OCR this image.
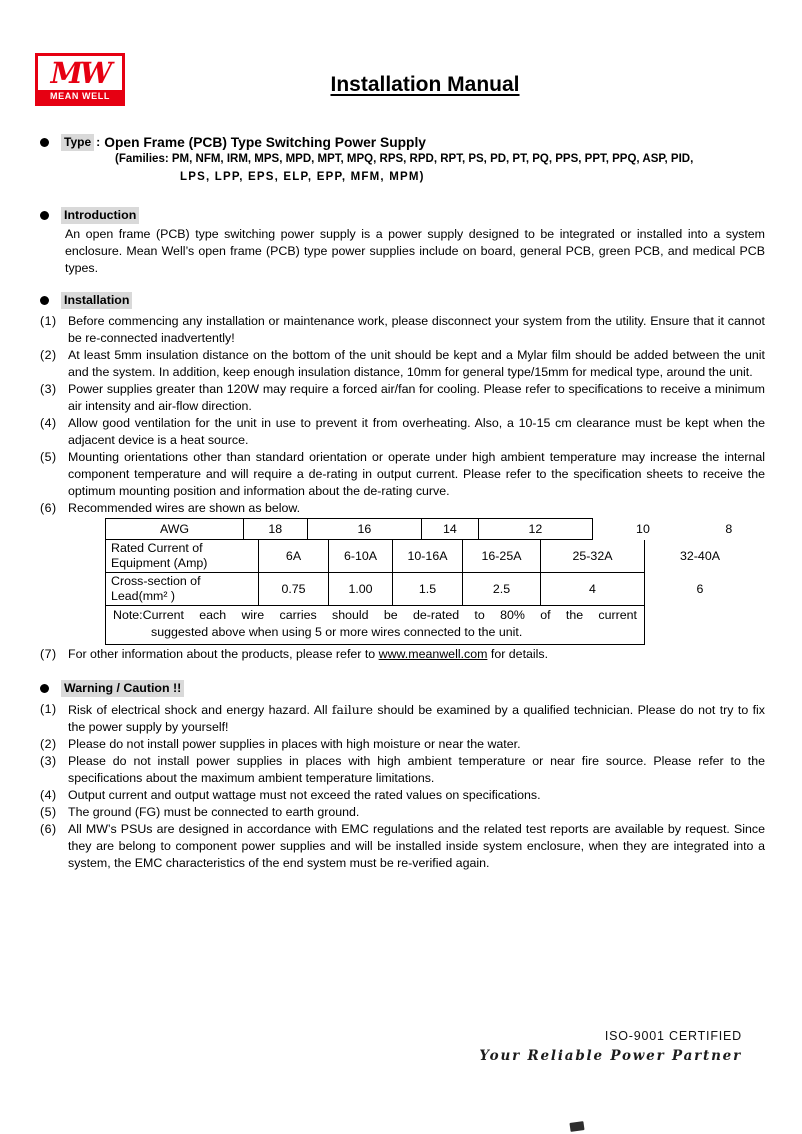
MW
MEAN WELL	Installation Manual
Type : Open Frame (PCB) Type Switching Power Supply
(Families: PM, NFM, IRM, MPS, MPD, MPT, MPQ, RPS, RPD, RPT, PS, PD, PT, PQ, PPS, PPT, PPQ, ASP, PID,
LPS, LPP, EPS, ELP, EPP, MFM, MPM)
Introduction

An open frame (PCB) type switching power supply is a power supply designed to be integrated or installed into a system enclosure. Mean Well’s open frame (PCB) type power supplies include on board, general PCB, green PCB, and medical PCB types.

Installation
(1) Before commencing any installation or maintenance work, please disconnect your system from the utility. Ensure that it cannot be re-connected inadvertently!
(2) At least 5mm insulation distance on the bottom of the unit should be kept and a Mylar film should be added between the unit and the system. In addition, keep enough insulation distance, 10mm for general type/15mm for medical type, around the unit.
(3) Power supplies greater than 120W may require a forced air/fan for cooling. Please refer to specifications to receive a minimum air intensity and air-flow direction.
(4) Allow good ventilation for the unit in use to prevent it from overheating. Also, a 10-15 cm clearance must be kept when the adjacent device is a heat source.
(5) Mounting orientations other than standard orientation or operate under high ambient temperature may increase the internal component temperature and will require a de-rating in output current. Please refer to the specification sheets to receive the optimum mounting position and information about the de-rating curve.
(6) Recommended wires are shown as below.
AWG	18	16	14	12	10	8
Rated Current of Equipment (Amp)
6A	6-10A	10-16A	16-25A	25-32A	32-40A
Cross-section of Lead(mm² )
0.75	1.00	1.5	2.5	4	6
Note:Current each wire carries should be de-rated to 80% of the current
suggested above when using 5 or more wires connected to the unit.
(7) For other information about the products, please refer to www.meanwell.com for details.
Warning / Caution !!
(1) Risk of electrical shock and energy hazard. All failure should be examined by a qualified technician. Please do not try to fix the power supply by yourself!
(2) Please do not install power supplies in places with high moisture or near the water.
(3) Please do not install power supplies in places with high ambient temperature or near fire source. Please refer to the specifications about the maximum ambient temperature limitations.
(4) Output current and output wattage must not exceed the rated values on specifications.
(5) The ground (FG) must be connected to earth ground.
(6) All MW’s PSUs are designed in accordance with EMC regulations and the related test reports are available by request. Since they are belong to component power supplies and will be installed inside system enclosure, when they are integrated into a system, the EMC characteristics of the end system must be re-verified again.
ISO-9001 CERTIFIED
Your Reliable Power Partner
